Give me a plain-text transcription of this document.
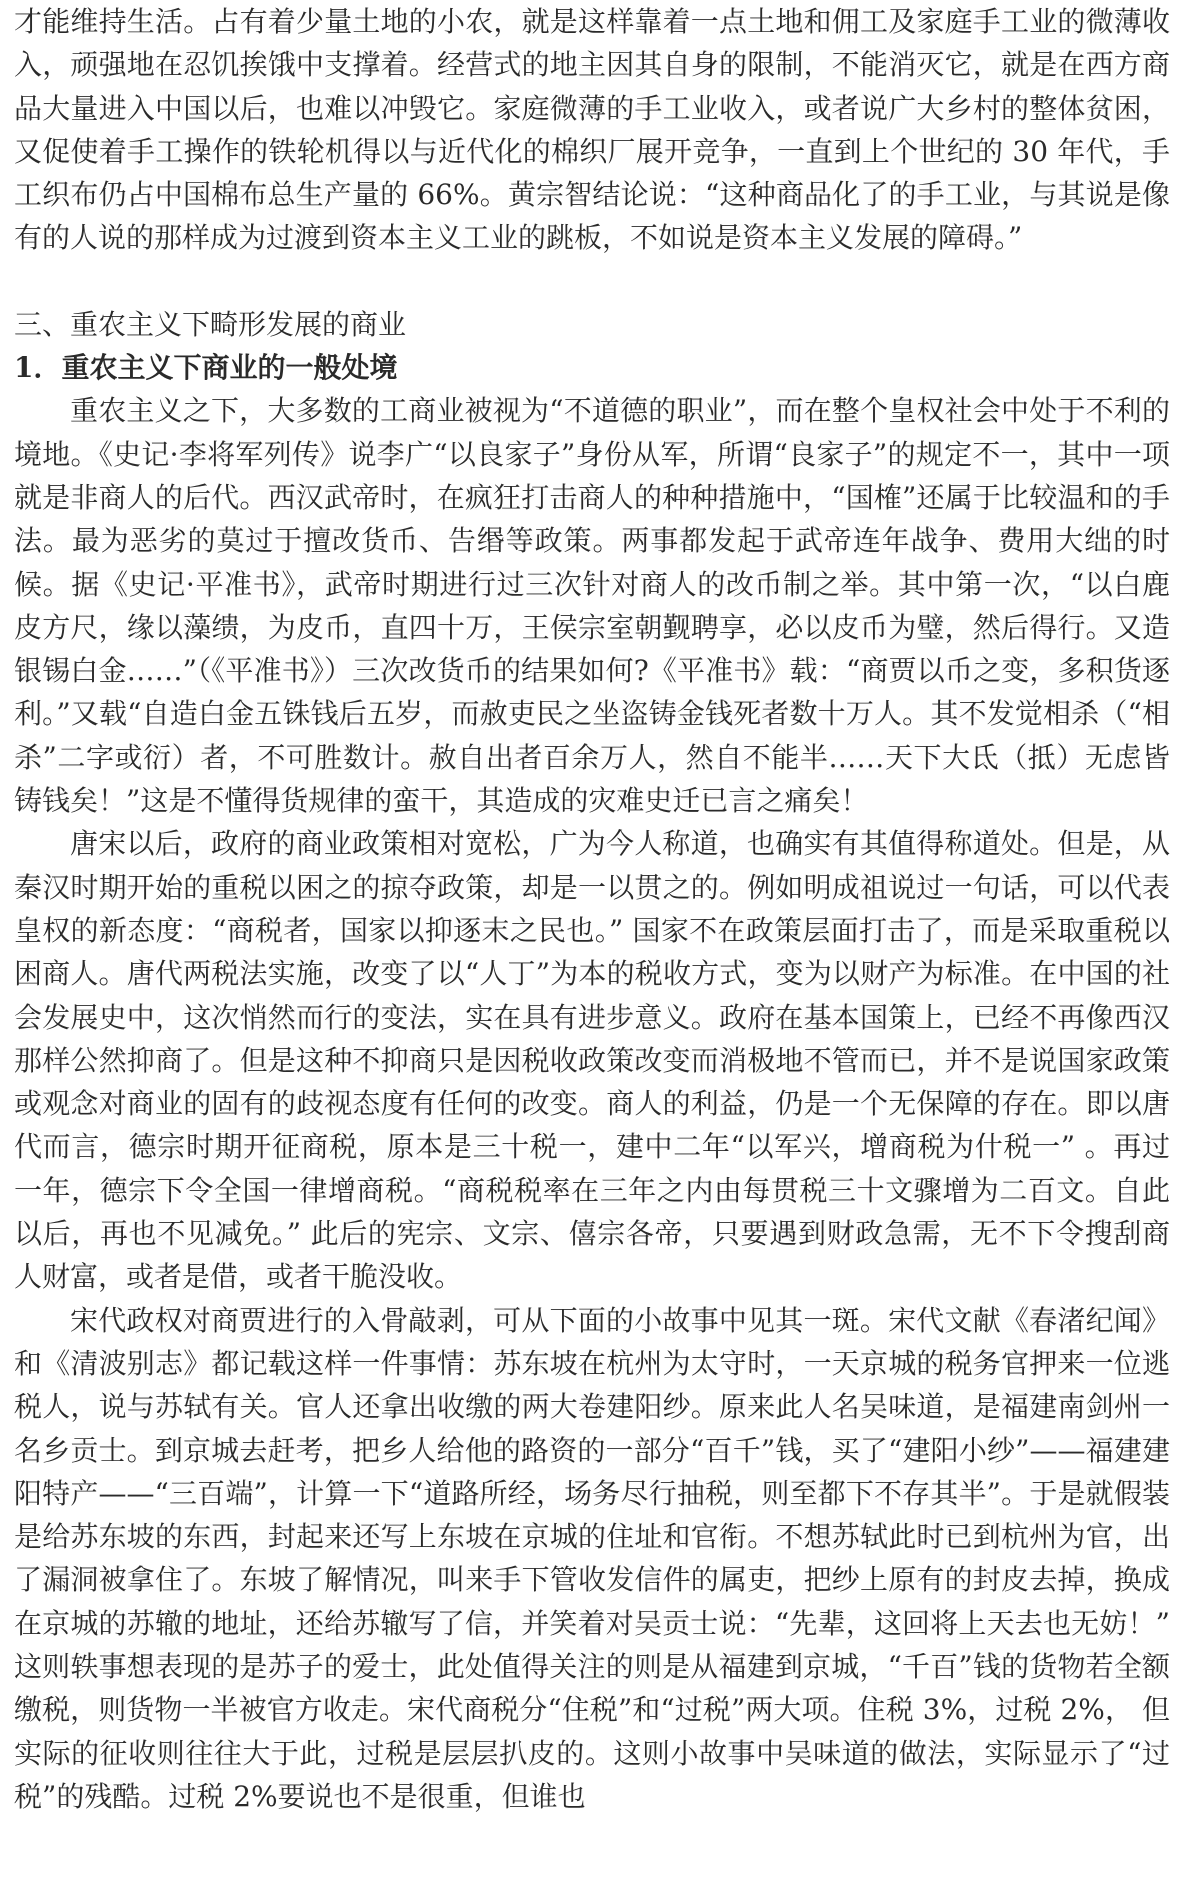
才能维持生活。占有着少量土地的小农，就是这样靠着一点土地和佣工及家庭手工业的微薄收入，顽强地在忍饥挨饿中支撑着。经营式的地主因其自身的限制，不能消灭它，就是在西方商品大量进入中国以后，也难以冲毁它。家庭微薄的手工业收入，或者说广大乡村的整体贫困，又促使着手工操作的铁轮机得以与近代化的棉织厂展开竞争，一直到上个世纪的 30 年代，手工织布仍占中国棉布总生产量的 66%。黄宗智结论说：“这种商品化了的手工业，与其说是像有的人说的那样成为过渡到资本主义工业的跳板，不如说是资本主义发展的障碍。”

三、重农主义下畸形发展的商业

1．重农主义下商业的一般处境

重农主义之下，大多数的工商业被视为“不道德的职业”，而在整个皇权社会中处于不利的境地。《史记·李将军列传》说李广“以良家子”身份从军，所谓“良家子”的规定不一，其中一项就是非商人的后代。西汉武帝时，在疯狂打击商人的种种措施中，“国榷”还属于比较温和的手法。最为恶劣的莫过于擅改货币、告缗等政策。两事都发起于武帝连年战争、费用大绌的时候。据《史记·平准书》，武帝时期进行过三次针对商人的改币制之举。其中第一次，“以白鹿皮方尺，缘以藻缋，为皮币，直四十万，王侯宗室朝觐聘享，必以皮币为璧，然后得行。又造银锡白金……”（《平准书》）三次改货币的结果如何?《平准书》载：“商贾以币之变，多积货逐利。”又载“自造白金五铢钱后五岁，而赦吏民之坐盗铸金钱死者数十万人。其不发觉相杀（“相杀”二字或衍）者，不可胜数计。赦自出者百余万人，然自不能半……天下大氐（抵）无虑皆铸钱矣！”这是不懂得货规律的蛮干，其造成的灾难史迁已言之痛矣！

唐宋以后，政府的商业政策相对宽松，广为今人称道，也确实有其值得称道处。但是，从秦汉时期开始的重税以困之的掠夺政策，却是一以贯之的。例如明成祖说过一句话，可以代表皇权的新态度：“商税者，国家以抑逐末之民也。” 国家不在政策层面打击了，而是采取重税以困商人。唐代两税法实施，改变了以“人丁”为本的税收方式，变为以财产为标准。在中国的社会发展史中，这次悄然而行的变法，实在具有进步意义。政府在基本国策上，已经不再像西汉那样公然抑商了。但是这种不抑商只是因税收政策改变而消极地不管而已，并不是说国家政策或观念对商业的固有的歧视态度有任何的改变。商人的利益，仍是一个无保障的存在。即以唐代而言，德宗时期开征商税，原本是三十税一，建中二年“以军兴，增商税为什税一” 。再过一年，德宗下令全国一律增商税。“商税税率在三年之内由每贯税三十文骤增为二百文。自此以后，再也不见减免。” 此后的宪宗、文宗、僖宗各帝，只要遇到财政急需，无不下令搜刮商人财富，或者是借，或者干脆没收。

宋代政权对商贾进行的入骨敲剥，可从下面的小故事中见其一斑。宋代文献《春渚纪闻》和《清波别志》都记载这样一件事情：苏东坡在杭州为太守时，一天京城的税务官押来一位逃税人，说与苏轼有关。官人还拿出收缴的两大卷建阳纱。原来此人名吴味道，是福建南剑州一名乡贡士。到京城去赶考，把乡人给他的路资的一部分“百千”钱，买了“建阳小纱”——福建建阳特产——“三百端”，计算一下“道路所经，场务尽行抽税，则至都下不存其半”。于是就假装是给苏东坡的东西，封起来还写上东坡在京城的住址和官衔。不想苏轼此时已到杭州为官，出了漏洞被拿住了。东坡了解情况，叫来手下管收发信件的属吏，把纱上原有的封皮去掉，换成在京城的苏辙的地址，还给苏辙写了信，并笑着对吴贡士说：“先辈，这回将上天去也无妨！” 这则轶事想表现的是苏子的爱士，此处值得关注的则是从福建到京城，“千百”钱的货物若全额缴税，则货物一半被官方收走。宋代商税分“住税”和“过税”两大项。住税 3%，过税 2%， 但实际的征收则往往大于此，过税是层层扒皮的。这则小故事中吴味道的做法，实际显示了“过税”的残酷。过税 2%要说也不是很重，但谁也
